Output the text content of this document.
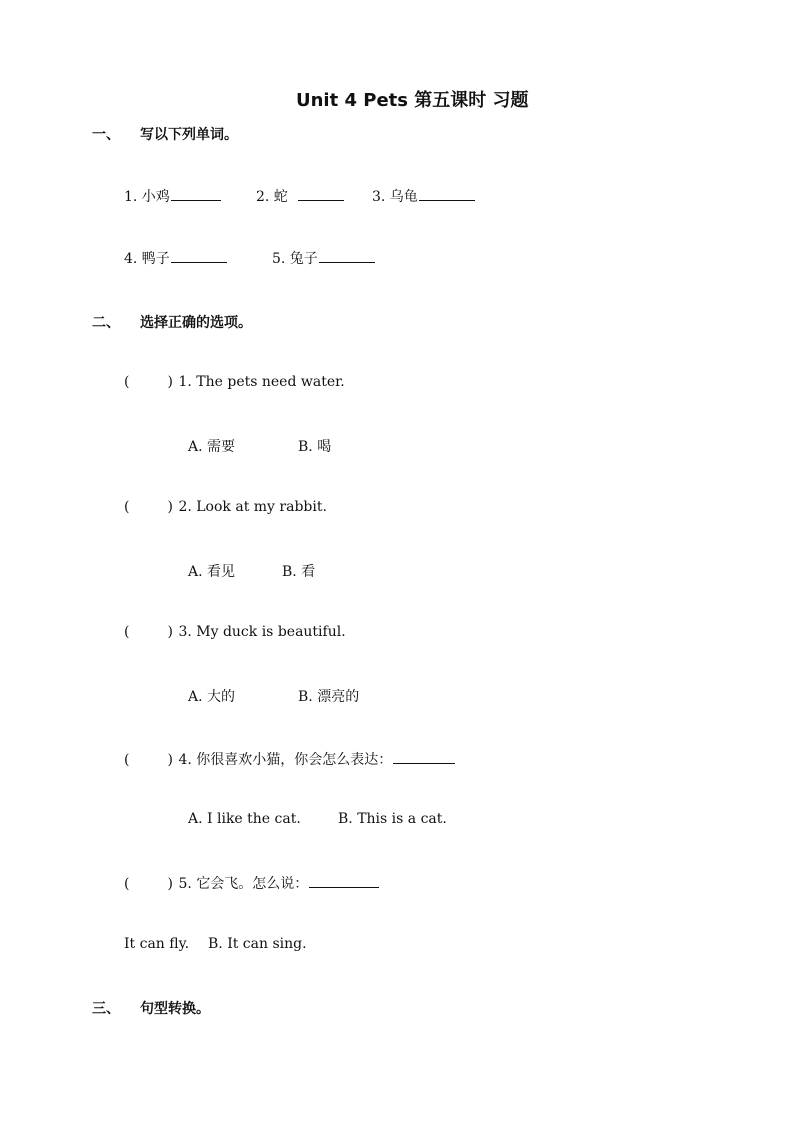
Unit 4 Pets 第五课时 习题
一、 写以下列单词。
1. 小鸡	2. 蛇	3. 乌龟
4. 鸭子	5. 兔子
二、 选择正确的选项。
(	) 1. The pets need water.
A. 需要	B. 喝
(	) 2. Look at my rabbit.
A. 看见	B. 看
(	) 3. My duck is beautiful.
A. 大的	B. 漂亮的
(	) 4. 你很喜欢小猫，你会怎么表达：
A. I like the cat.	B. This is a cat.
(	) 5. 它会飞。怎么说：
It can fly. B. It can sing.
三、 句型转换。
